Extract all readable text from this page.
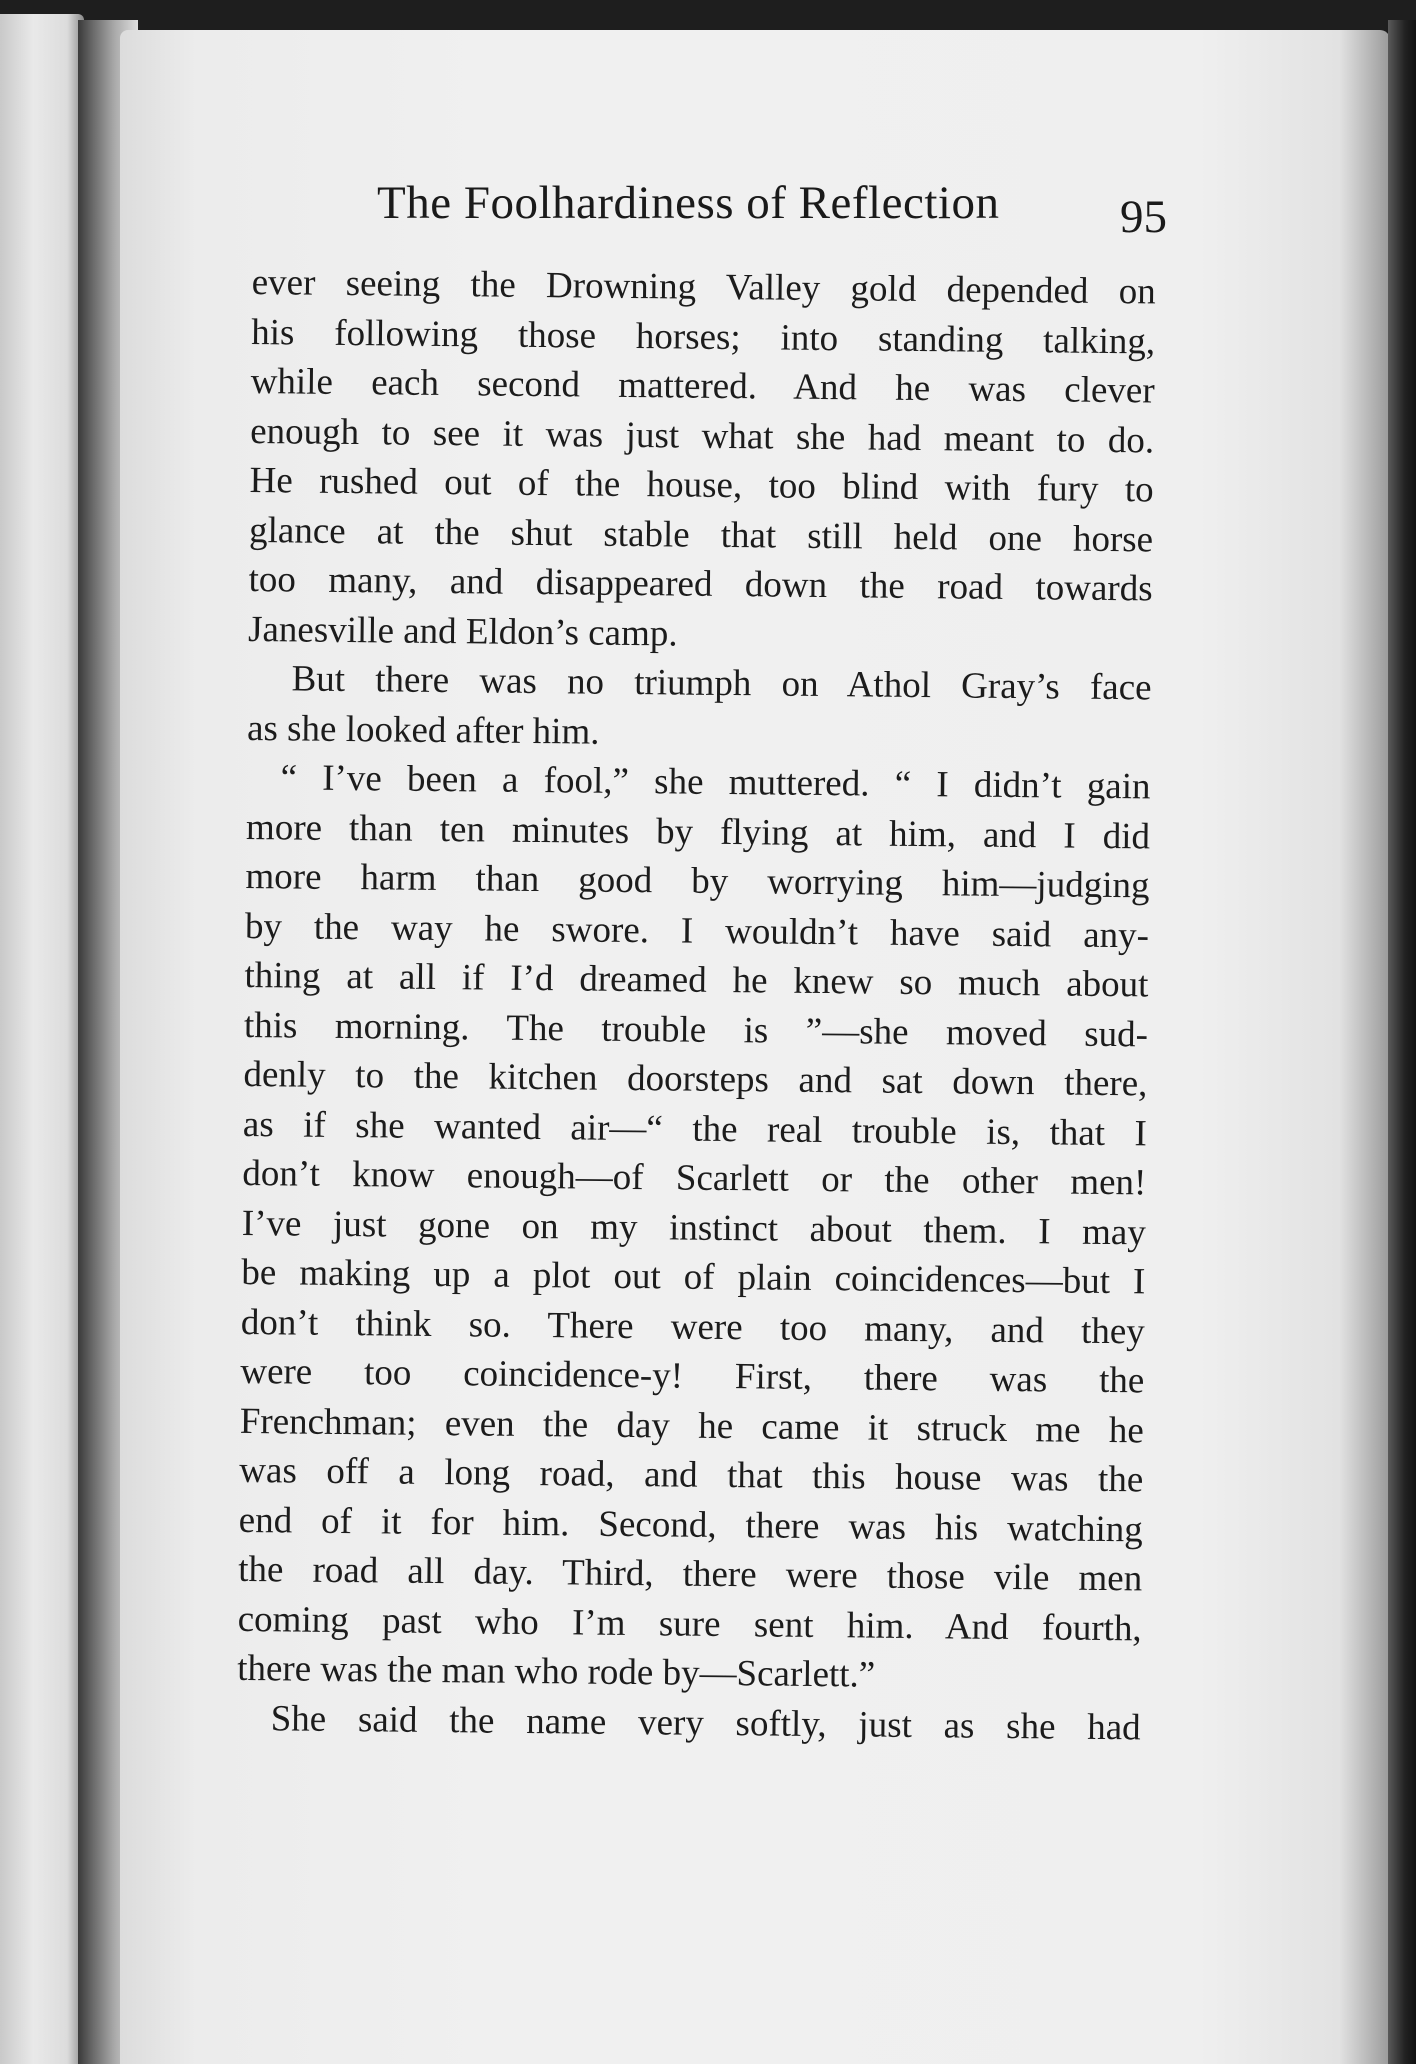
The Foolhardiness of Reflection	95
ever seeing the Drowning Valley gold depended on
his following those horses; into standing talking,
while each second mattered. And he was clever
enough to see it was just what she had meant to do.
He rushed out of the house, too blind with fury to
glance at the shut stable that still held one horse
too many, and disappeared down the road towards
Janesville and Eldon’s camp.
But there was no triumph on Athol Gray’s face
as she looked after him.
“ I’ve been a fool,” she muttered. “ I didn’t gain
more than ten minutes by flying at him, and I did
more harm than good by worrying him—judging
by the way he swore. I wouldn’t have said any-
thing at all if I’d dreamed he knew so much about
this morning. The trouble is ”—she moved sud-
denly to the kitchen doorsteps and sat down there,
as if she wanted air—“ the real trouble is, that I
don’t know enough—of Scarlett or the other men!
I’ve just gone on my instinct about them. I may
be making up a plot out of plain coincidences—but I
don’t think so. There were too many, and they
were too coincidence-y! First, there was the
Frenchman; even the day he came it struck me he
was off a long road, and that this house was the
end of it for him. Second, there was his watching
the road all day. Third, there were those vile men
coming past who I’m sure sent him. And fourth,
there was the man who rode by—Scarlett.”
She said the name very softly, just as she had
